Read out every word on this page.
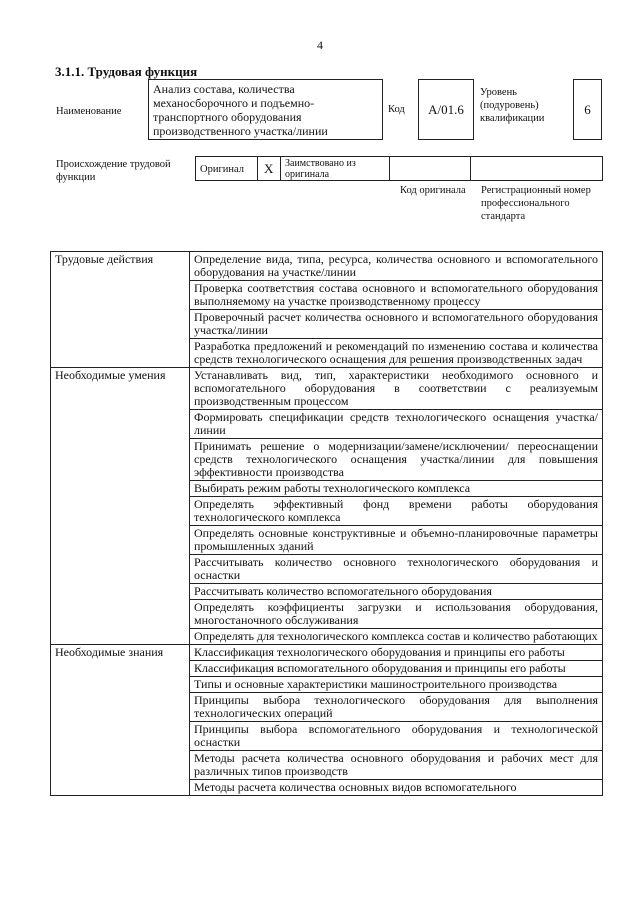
4
3.1.1. Трудовая функция
Наименование
Анализ состава, количества механосборочного и подъемно-транспортного оборудования производственного участка/линии
Код A/01.6
Уровень (подуровень) квалификации
6
Происхождение трудовой функции
Оригинал X Заимствовано из оригинала
Код оригинала Регистрационный номер профессионального стандарта
Трудовые действия	Определение вида, типа, ресурса, количества основного и вспомогательного оборудования на участке/линии
	Проверка соответствия состава основного и вспомогательного оборудования выполняемому на участке производственному процессу
	Проверочный расчет количества основного и вспомогательного оборудования участка/линии
	Разработка предложений и рекомендаций по изменению состава и количества средств технологического оснащения для решения производственных задач
Необходимые умения	Устанавливать вид, тип, характеристики необходимого основного и вспомогательного оборудования в соответствии с реализуемым производственным процессом
	Формировать спецификации средств технологического оснащения участка/линии
	Принимать решение о модернизации/замене/исключении/ переоснащении средств технологического оснащения участка/линии для повышения эффективности производства
	Выбирать режим работы технологического комплекса
	Определять эффективный фонд времени работы оборудования технологического комплекса
	Определять основные конструктивные и объемно-планировочные параметры промышленных зданий
	Рассчитывать количество основного технологического оборудования и оснастки
	Рассчитывать количество вспомогательного оборудования
	Определять коэффициенты загрузки и использования оборудования, многостаночного обслуживания
	Определять для технологического комплекса состав и количество работающих
Необходимые знания	Классификация технологического оборудования и принципы его работы
	Классификация вспомогательного оборудования и принципы его работы
	Типы и основные характеристики машиностроительного производства
	Принципы выбора технологического оборудования для выполнения технологических операций
	Принципы выбора вспомогательного оборудования и технологической оснастки
	Методы расчета количества основного оборудования и рабочих мест для различных типов производств
	Методы расчета количества основных видов вспомогательного
